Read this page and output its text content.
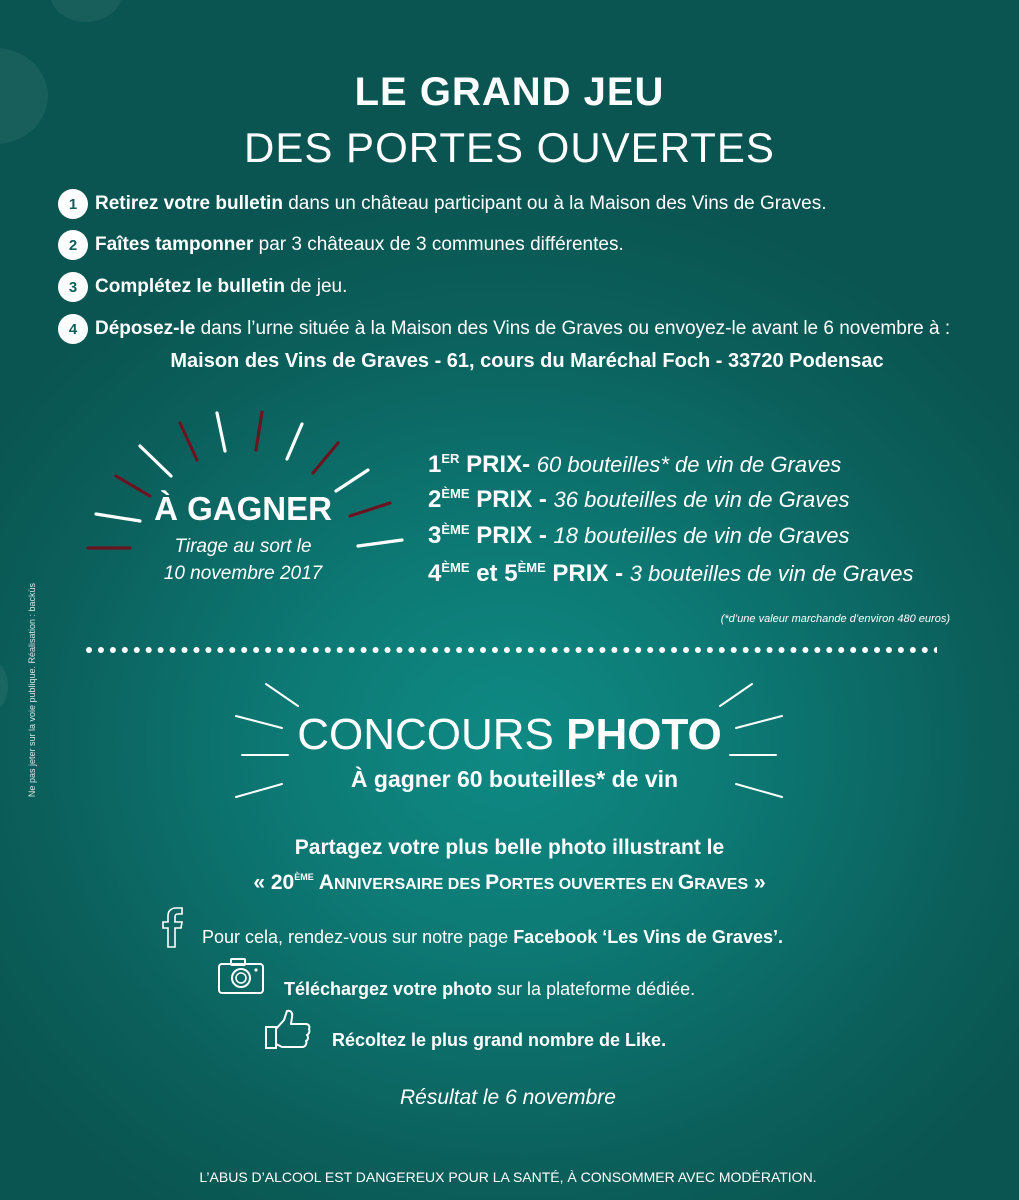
Ne pas jeter sur la voie publique. Réalisation : backüs
LE GRAND JEU
DES PORTES OUVERTES
1 Retirez votre bulletin dans un château participant ou à la Maison des Vins de Graves.
2 Faîtes tamponner par 3 châteaux de 3 communes différentes.
3 Complétez le bulletin de jeu.
4 Déposez-le dans l’urne située à la Maison des Vins de Graves ou envoyez-le avant le 6 novembre à :
Maison des Vins de Graves - 61, cours du Maréchal Foch - 33720 Podensac
À GAGNER
Tirage au sort le
10 novembre 2017
1ER PRIX- 60 bouteilles* de vin de Graves
2ÈME PRIX - 36 bouteilles de vin de Graves
3ÈME PRIX - 18 bouteilles de vin de Graves
4ÈME et 5ÈME PRIX - 3 bouteilles de vin de Graves
(*d’une valeur marchande d’environ 480 euros)
CONCOURS PHOTO
À gagner 60 bouteilles* de vin
Partagez votre plus belle photo illustrant le
« 20ÈME ANNIVERSAIRE DES PORTES OUVERTES EN GRAVES »
Pour cela, rendez-vous sur notre page Facebook ‘Les Vins de Graves’.
Téléchargez votre photo sur la plateforme dédiée.
Récoltez le plus grand nombre de Like.
Résultat le 6 novembre
L’ABUS D’ALCOOL EST DANGEREUX POUR LA SANTÉ, À CONSOMMER AVEC MODÉRATION.
